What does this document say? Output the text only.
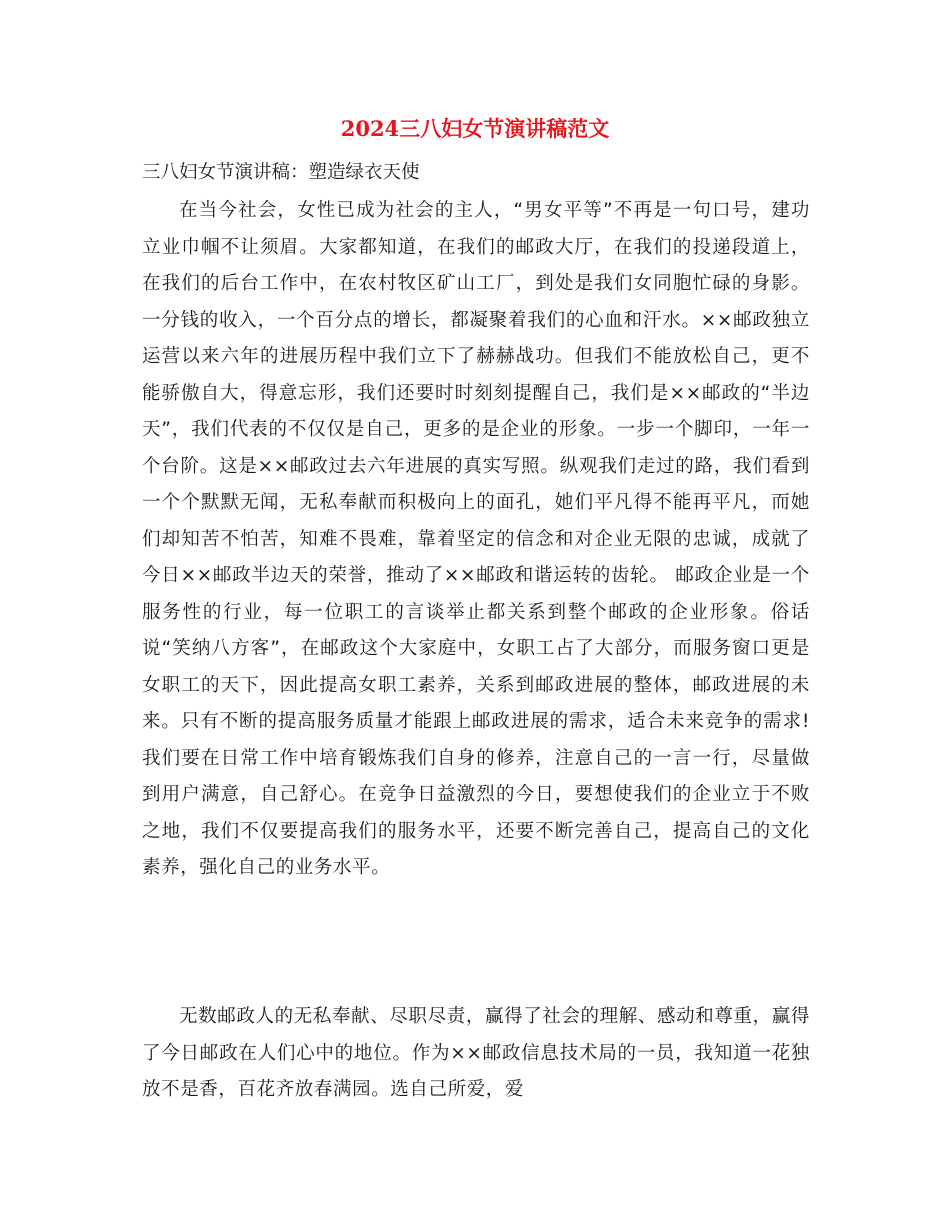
2024三八妇女节演讲稿范文

三八妇女节演讲稿：塑造绿衣天使

在当今社会，女性已成为社会的主人，“男女平等”不再是一句口号，建功立业巾帼不让须眉。大家都知道，在我们的邮政大厅，在我们的投递段道上，在我们的后台工作中，在农村牧区矿山工厂，到处是我们女同胞忙碌的身影。一分钱的收入，一个百分点的增长，都凝聚着我们的心血和汗水。××邮政独立运营以来六年的进展历程中我们立下了赫赫战功。但我们不能放松自己，更不能骄傲自大，得意忘形，我们还要时时刻刻提醒自己，我们是××邮政的“半边天”，我们代表的不仅仅是自己，更多的是企业的形象。一步一个脚印，一年一个台阶。这是××邮政过去六年进展的真实写照。纵观我们走过的路，我们看到一个个默默无闻，无私奉献而积极向上的面孔，她们平凡得不能再平凡，而她们却知苦不怕苦，知难不畏难，靠着坚定的信念和对企业无限的忠诚，成就了今日××邮政半边天的荣誉，推动了××邮政和谐运转的齿轮。 邮政企业是一个服务性的行业，每一位职工的言谈举止都关系到整个邮政的企业形象。俗话说“笑纳八方客”，在邮政这个大家庭中，女职工占了大部分，而服务窗口更是女职工的天下，因此提高女职工素养，关系到邮政进展的整体，邮政进展的未来。只有不断的提高服务质量才能跟上邮政进展的需求，适合未来竞争的需求!我们要在日常工作中培育锻炼我们自身的修养，注意自己的一言一行，尽量做到用户满意，自己舒心。在竞争日益激烈的今日，要想使我们的企业立于不败之地，我们不仅要提高我们的服务水平，还要不断完善自己，提高自己的文化素养，强化自己的业务水平。

无数邮政人的无私奉献、尽职尽责，赢得了社会的理解、感动和尊重，赢得了今日邮政在人们心中的地位。作为××邮政信息技术局的一员，我知道一花独放不是香，百花齐放春满园。选自己所爱，爱
